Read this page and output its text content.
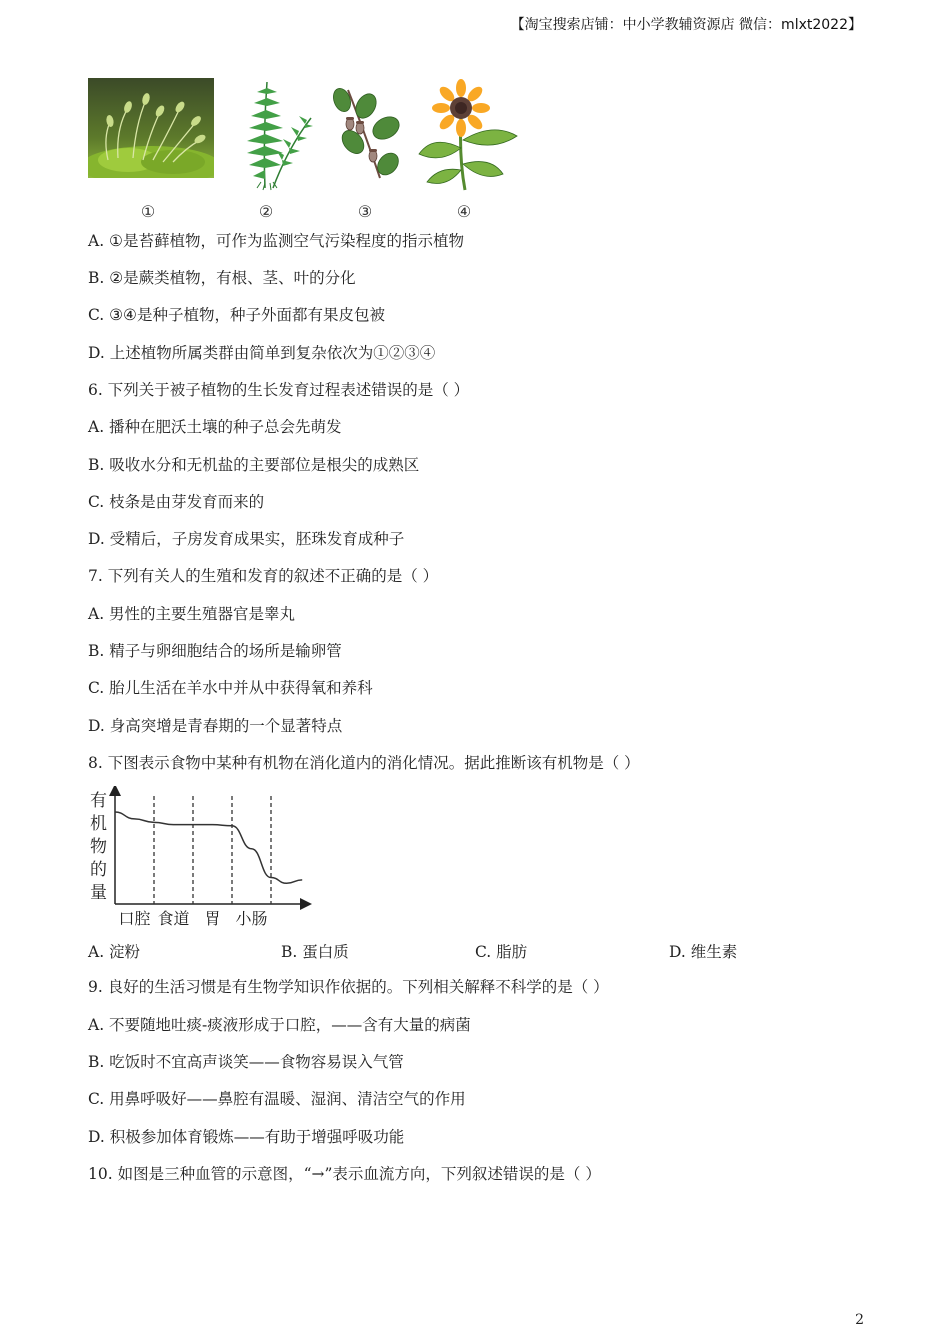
【淘宝搜索店铺：中小学教辅资源店 微信：mlxt2022】
①	②	③	④
A. ①是苔藓植物，可作为监测空气污染程度的指示植物
B. ②是蕨类植物，有根、茎、叶的分化
C. ③④是种子植物，种子外面都有果皮包被
D. 上述植物所属类群由简单到复杂依次为①②③④
6. 下列关于被子植物的生长发育过程表述错误的是（ ）
A. 播种在肥沃土壤的种子总会先萌发
B. 吸收水分和无机盐的主要部位是根尖的成熟区
C. 枝条是由芽发育而来的
D. 受精后，子房发育成果实，胚珠发育成种子
7. 下列有关人的生殖和发育的叙述不正确的是（ ）
A. 男性的主要生殖器官是睾丸
B. 精子与卵细胞结合的场所是输卵管
C. 胎儿生活在羊水中并从中获得氧和养科
D. 身高突增是青春期的一个显著特点
8. 下图表示食物中某种有机物在消化道内的消化情况。据此推断该有机物是（ ）
有
机
物
的
量
口腔 食道 胃 小肠
A. 淀粉	B. 蛋白质	C. 脂肪	D. 维生素
9. 良好的生活习惯是有生物学知识作依据的。下列相关解释不科学的是（ ）
A. 不要随地吐痰-痰液形成于口腔，——含有大量的病菌
B. 吃饭时不宜高声谈笑——食物容易误入气管
C. 用鼻呼吸好——鼻腔有温暖、湿润、清洁空气的作用
D. 积极参加体育锻炼——有助于增强呼吸功能
10. 如图是三种血管的示意图，“→”表示血流方向，下列叙述错误的是（ ）
2
